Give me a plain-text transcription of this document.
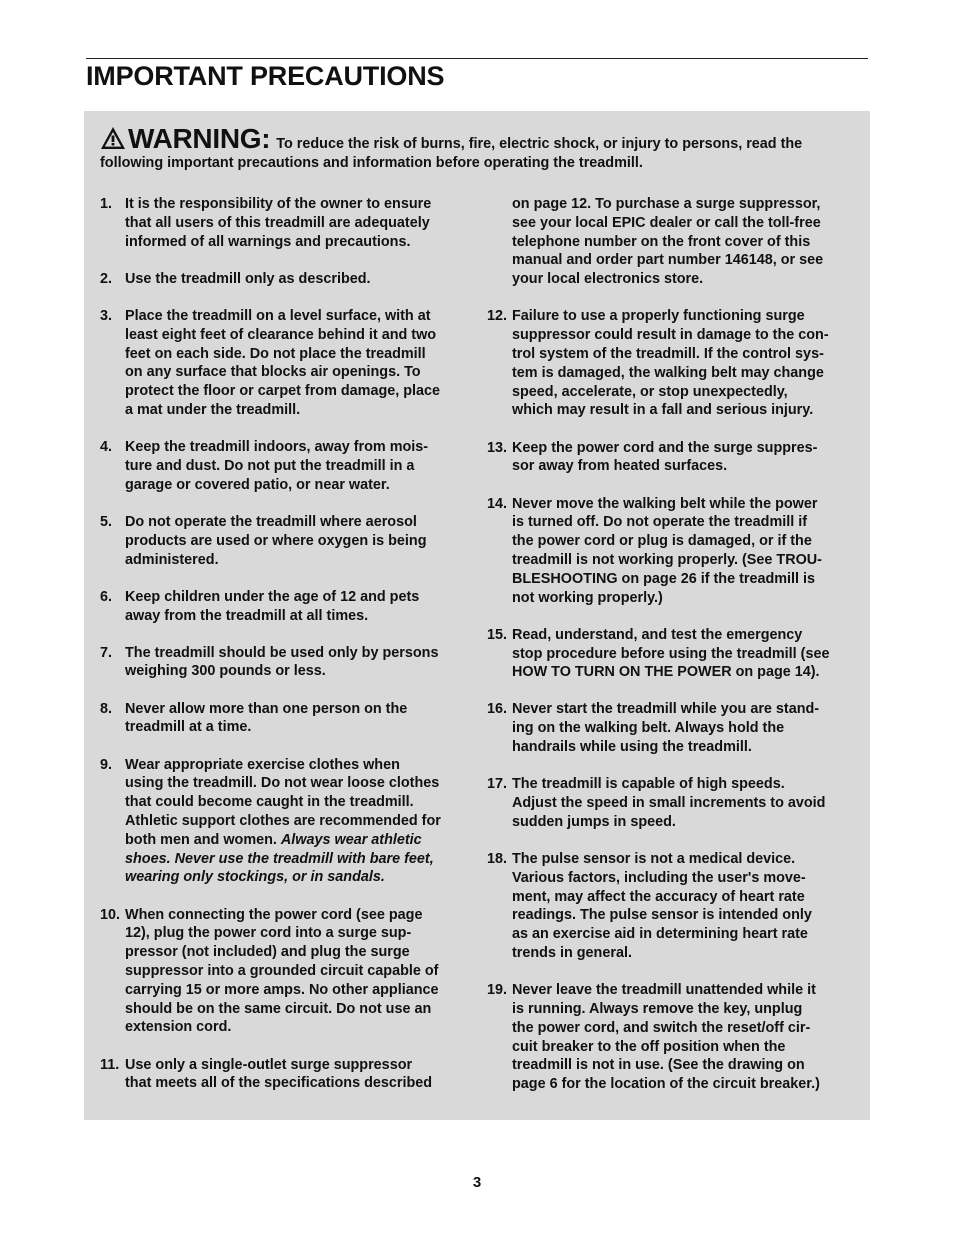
IMPORTANT PRECAUTIONS
WARNING: To reduce the risk of burns, fire, electric shock, or injury to persons, read the following important precautions and information before operating the treadmill.
1. It is the responsibility of the owner to ensure
that all users of this treadmill are adequately
informed of all warnings and precautions.
2. Use the treadmill only as described.
3. Place the treadmill on a level surface, with at
least eight feet of clearance behind it and two
feet on each side. Do not place the treadmill
on any surface that blocks air openings. To
protect the floor or carpet from damage, place
a mat under the treadmill.
4. Keep the treadmill indoors, away from mois-
ture and dust. Do not put the treadmill in a
garage or covered patio, or near water.
5. Do not operate the treadmill where aerosol
products are used or where oxygen is being
administered.
6. Keep children under the age of 12 and pets
away from the treadmill at all times.
7. The treadmill should be used only by persons
weighing 300 pounds or less.
8. Never allow more than one person on the
treadmill at a time.
9. Wear appropriate exercise clothes when
using the treadmill. Do not wear loose clothes
that could become caught in the treadmill.
Athletic support clothes are recommended for
both men and women. Always wear athletic
shoes. Never use the treadmill with bare feet,
wearing only stockings, or in sandals.
10. When connecting the power cord (see page
12), plug the power cord into a surge sup-
pressor (not included) and plug the surge
suppressor into a grounded circuit capable of
carrying 15 or more amps. No other appliance
should be on the same circuit. Do not use an
extension cord.
11. Use only a single-outlet surge suppressor
that meets all of the specifications described
on page 12. To purchase a surge suppressor,
see your local EPIC dealer or call the toll-free
telephone number on the front cover of this
manual and order part number 146148, or see
your local electronics store.
12. Failure to use a properly functioning surge
suppressor could result in damage to the con-
trol system of the treadmill. If the control sys-
tem is damaged, the walking belt may change
speed, accelerate, or stop unexpectedly,
which may result in a fall and serious injury.
13. Keep the power cord and the surge suppres-
sor away from heated surfaces.
14. Never move the walking belt while the power
is turned off. Do not operate the treadmill if
the power cord or plug is damaged, or if the
treadmill is not working properly. (See TROU-
BLESHOOTING on page 26 if the treadmill is
not working properly.)
15. Read, understand, and test the emergency
stop procedure before using the treadmill (see
HOW TO TURN ON THE POWER on page 14).
16. Never start the treadmill while you are stand-
ing on the walking belt. Always hold the
handrails while using the treadmill.
17. The treadmill is capable of high speeds.
Adjust the speed in small increments to avoid
sudden jumps in speed.
18. The pulse sensor is not a medical device.
Various factors, including the user's move-
ment, may affect the accuracy of heart rate
readings. The pulse sensor is intended only
as an exercise aid in determining heart rate
trends in general.
19. Never leave the treadmill unattended while it
is running. Always remove the key, unplug
the power cord, and switch the reset/off cir-
cuit breaker to the off position when the
treadmill is not in use. (See the drawing on
page 6 for the location of the circuit breaker.)
3
